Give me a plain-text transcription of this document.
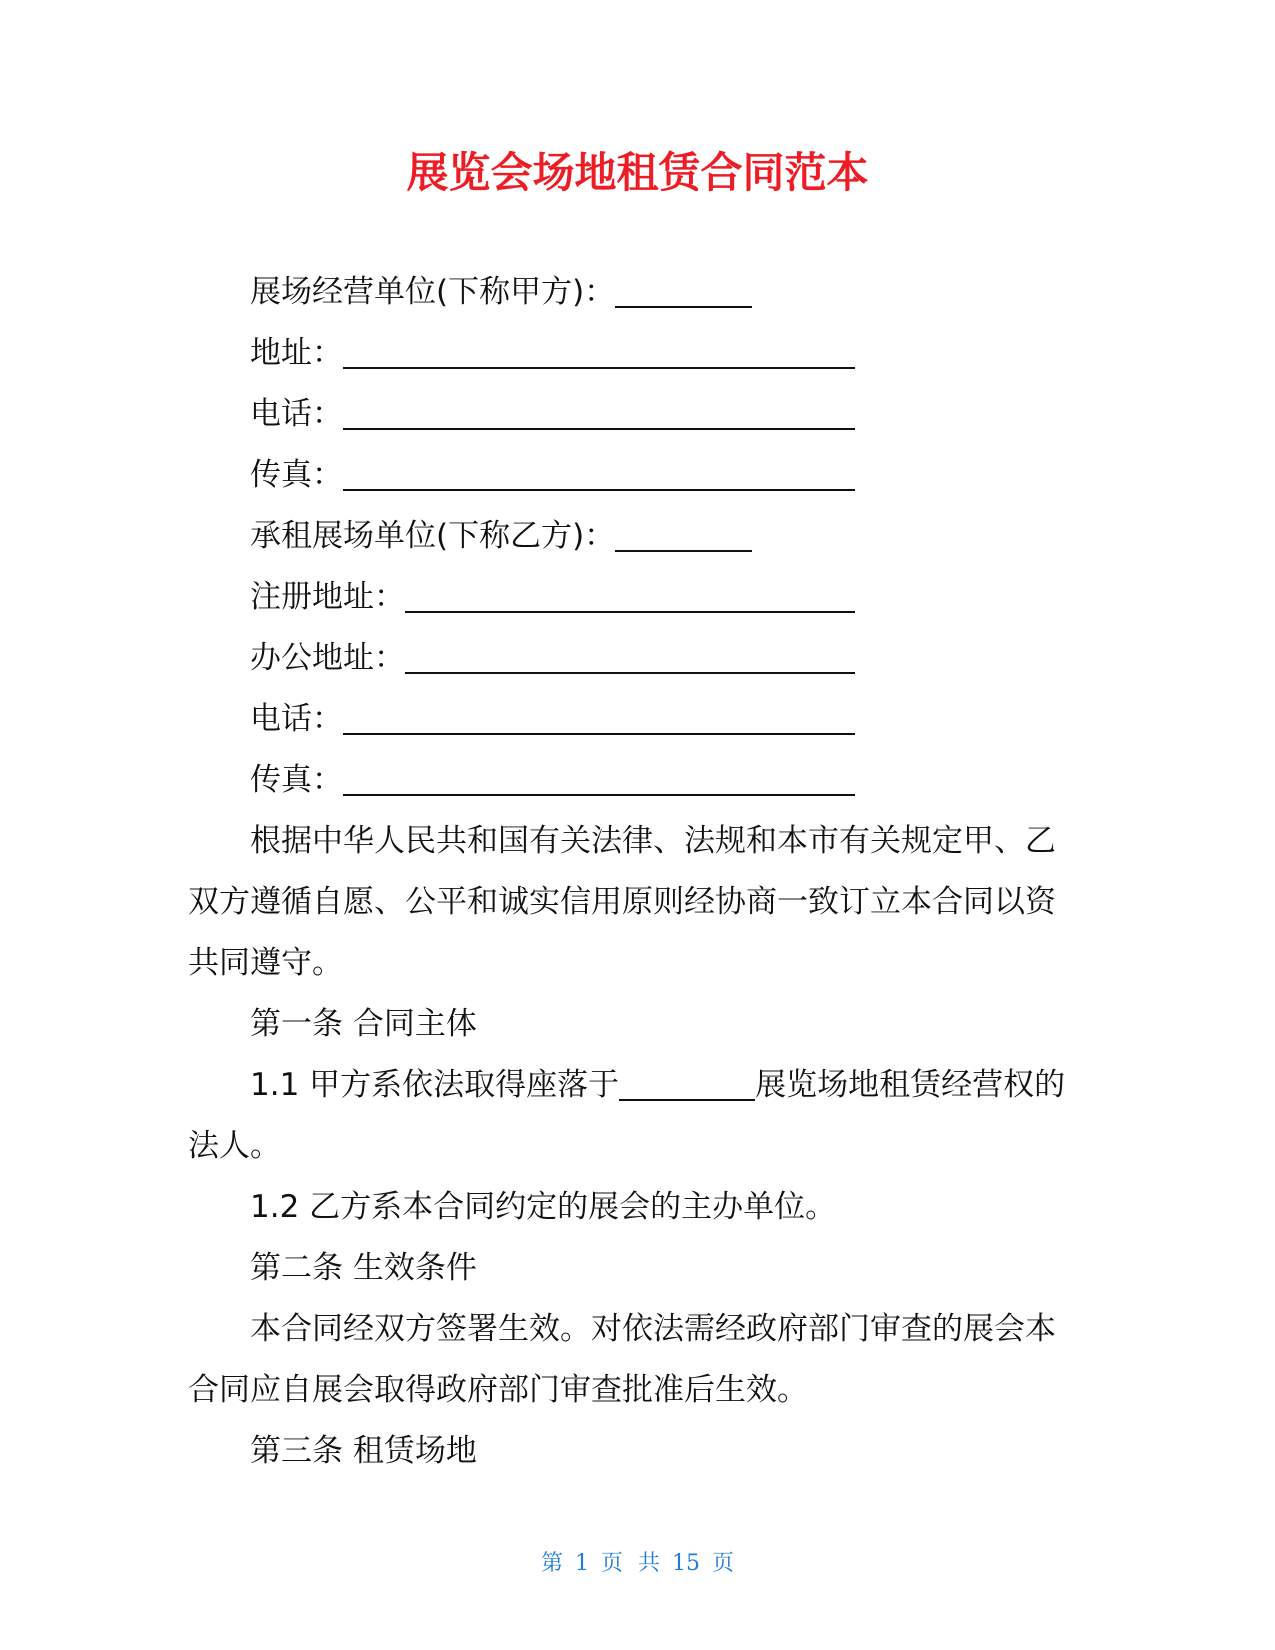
展览会场地租赁合同范本
展场经营单位(下称甲方)：
地址：
电话：
传真：
承租展场单位(下称乙方)：
注册地址：
办公地址：
电话：
传真：

根据中华人民共和国有关法律、法规和本市有关规定甲、乙双方遵循自愿、公平和诚实信用原则经协商一致订立本合同以资共同遵守。

第一条 合同主体

1.1 甲方系依法取得座落于	展览场地租赁经营权的法人。

1.2 乙方系本合同约定的展会的主办单位。
第二条 生效条件

本合同经双方签署生效。对依法需经政府部门审查的展会本合同应自展会取得政府部门审查批准后生效。

第三条 租赁场地
第 1 页 共 15 页
